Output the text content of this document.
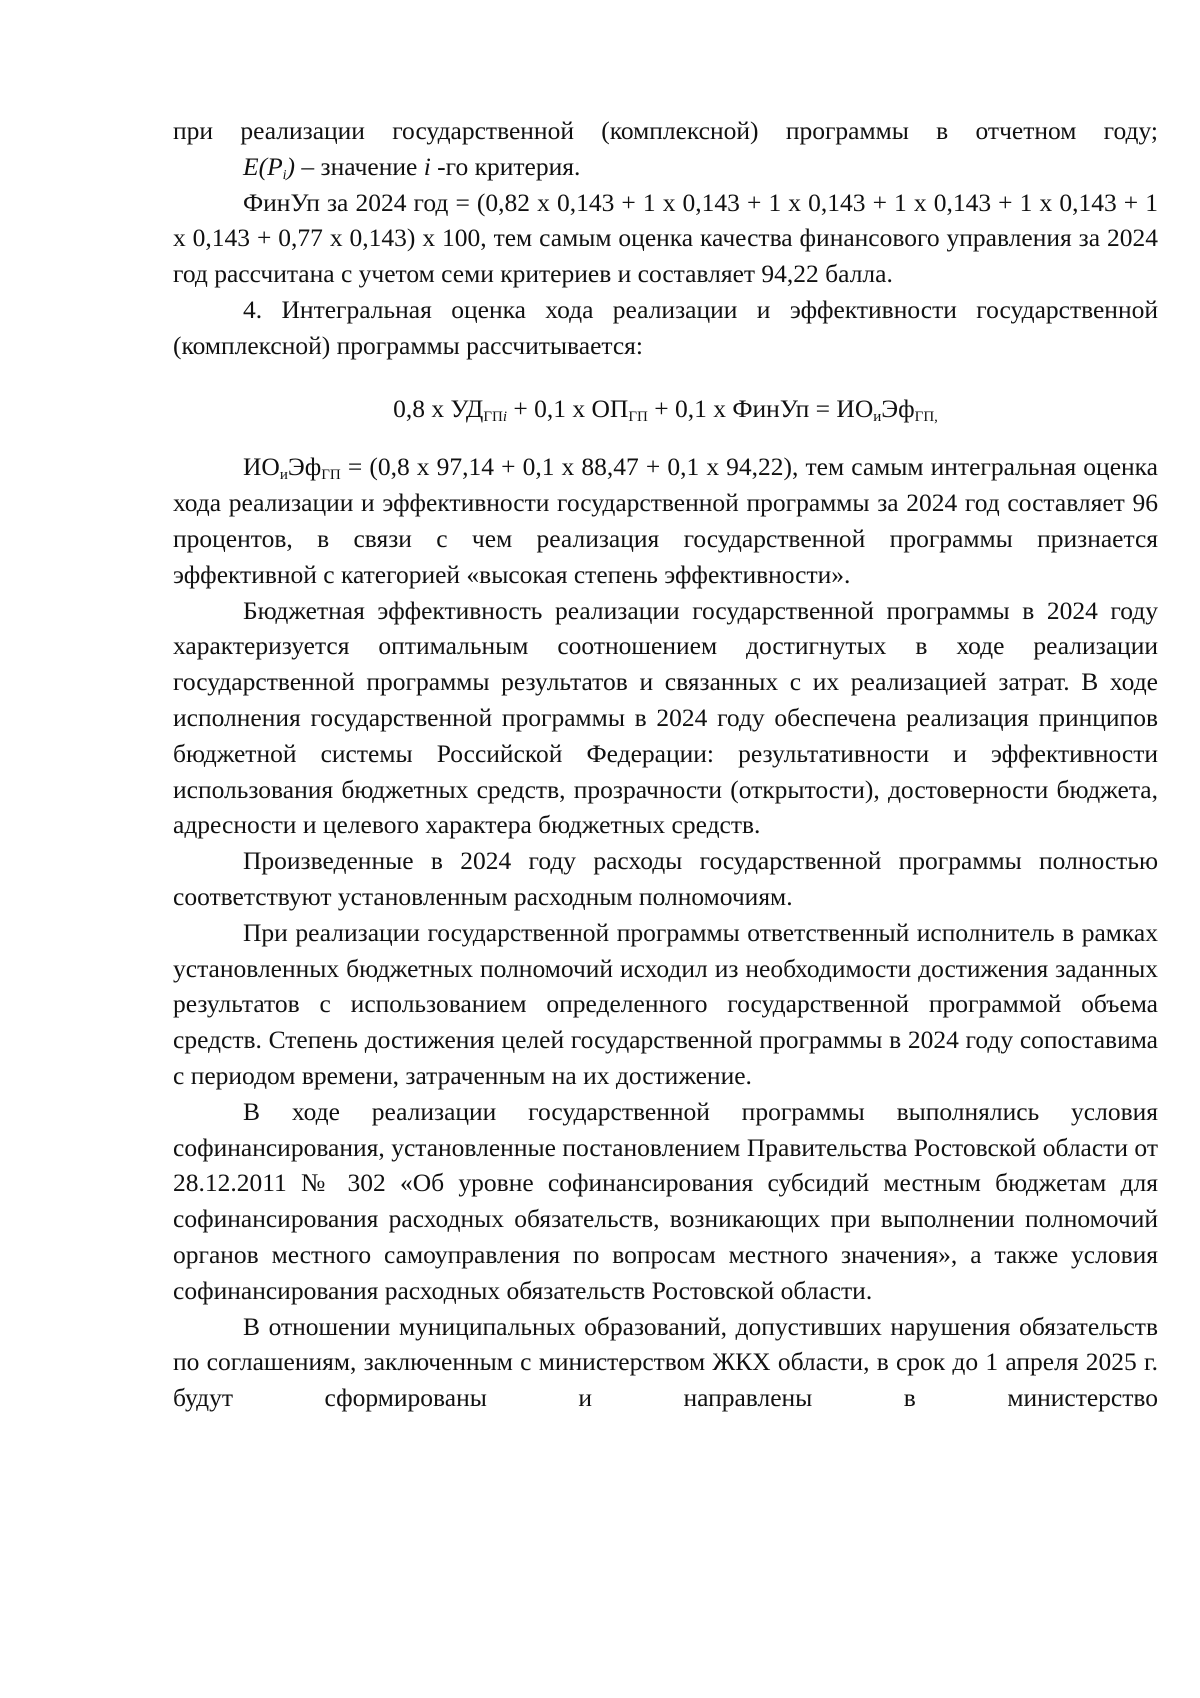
при реализации государственной (комплексной) программы в отчетном году;

E(Pi) – значение i -го критерия.

ФинУп за 2024 год = (0,82 х 0,143 + 1 х 0,143 + 1 х 0,143 + 1 х 0,143 + 1 х 0,143 + 1 х 0,143 + 0,77 х 0,143) х 100, тем самым оценка качества финансового управления за 2024 год рассчитана с учетом семи критериев и составляет 94,22 балла.

4. Интегральная оценка хода реализации и эффективности государственной (комплексной) программы рассчитывается:

0,8 х $УД_{ГПi} + 0,1$ х $ОП_{ГП} + 0,1$ х ФинУп = $ИО_иЭф_{ГП,}$

$ИО_иЭф_{ГП} = (0,8$ х 97,14 + 0,1 х 88,47 + 0,1 х 94,22), тем самым интегральная оценка хода реализации и эффективности государственной программы за 2024 год составляет 96 процентов, в связи с чем реализация государственной программы признается эффективной с категорией «высокая степень эффективности».

Бюджетная эффективность реализации государственной программы в 2024 году характеризуется оптимальным соотношением достигнутых в ходе реализации государственной программы результатов и связанных с их реализацией затрат. В ходе исполнения государственной программы в 2024 году обеспечена реализация принципов бюджетной системы Российской Федерации: результативности и эффективности использования бюджетных средств, прозрачности (открытости), достоверности бюджета, адресности и целевого характера бюджетных средств.

Произведенные в 2024 году расходы государственной программы полностью соответствуют установленным расходным полномочиям.

При реализации государственной программы ответственный исполнитель в рамках установленных бюджетных полномочий исходил из необходимости достижения заданных результатов с использованием определенного государственной программой объема средств. Степень достижения целей государственной программы в 2024 году сопоставима с периодом времени, затраченным на их достижение.

В ходе реализации государственной программы выполнялись условия софинансирования, установленные постановлением Правительства Ростовской области от 28.12.2011 № 302 «Об уровне софинансирования субсидий местным бюджетам для софинансирования расходных обязательств, возникающих при выполнении полномочий органов местного самоуправления по вопросам местного значения», а также условия софинансирования расходных обязательств Ростовской области.

В отношении муниципальных образований, допустивших нарушения обязательств по соглашениям, заключенным с министерством ЖКХ области, в срок до 1 апреля 2025 г. будут сформированы и направлены в министерство
